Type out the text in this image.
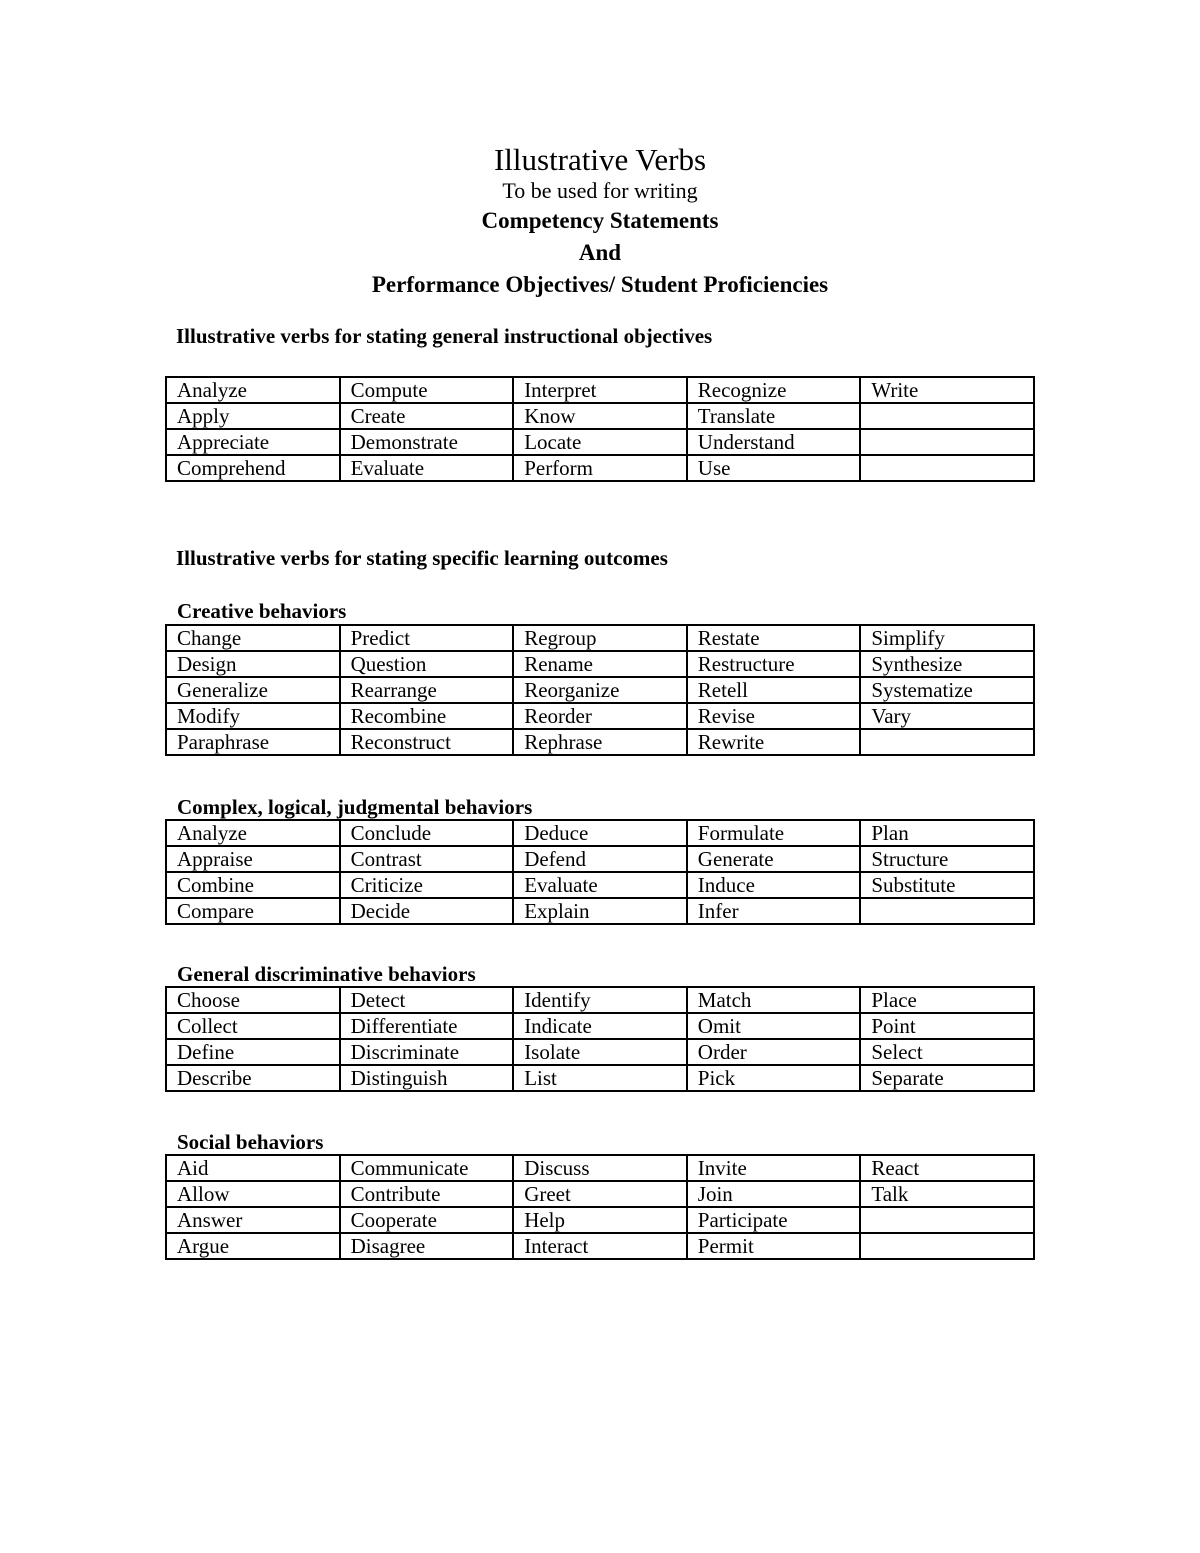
Illustrative Verbs
To be used for writing
Competency Statements
And
Performance Objectives/ Student Proficiencies
Illustrative verbs for stating general instructional objectives
Analyze	Compute	Interpret	Recognize	Write
Apply	Create	Know	Translate	
Appreciate	Demonstrate	Locate	Understand	
Comprehend	Evaluate	Perform	Use	
Illustrative verbs for stating specific learning outcomes
Creative behaviors
Change	Predict	Regroup	Restate	Simplify
Design	Question	Rename	Restructure	Synthesize
Generalize	Rearrange	Reorganize	Retell	Systematize
Modify	Recombine	Reorder	Revise	Vary
Paraphrase	Reconstruct	Rephrase	Rewrite	
Complex, logical, judgmental behaviors
Analyze	Conclude	Deduce	Formulate	Plan
Appraise	Contrast	Defend	Generate	Structure
Combine	Criticize	Evaluate	Induce	Substitute
Compare	Decide	Explain	Infer	
General discriminative behaviors
Choose	Detect	Identify	Match	Place
Collect	Differentiate	Indicate	Omit	Point
Define	Discriminate	Isolate	Order	Select
Describe	Distinguish	List	Pick	Separate
Social behaviors
Aid	Communicate	Discuss	Invite	React
Allow	Contribute	Greet	Join	Talk
Answer	Cooperate	Help	Participate	
Argue	Disagree	Interact	Permit	
